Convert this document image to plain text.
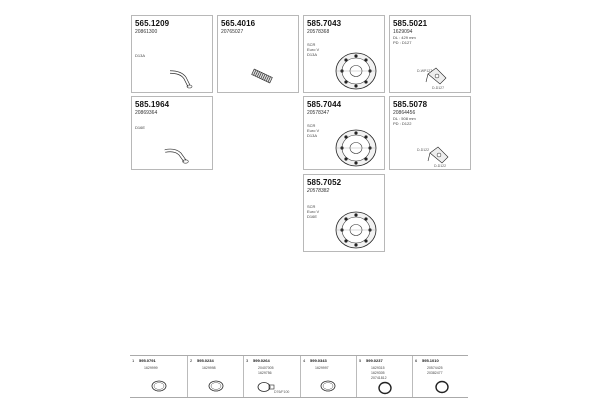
565.1209
20861300
D13A
565.4016
20765027
585.7043
20578368
SCR
Euro V
D13A
585.5021
1629094
DL : 429 mm
PD : D127
D-WP127
D-D127
585.1964
20869364
D16E
585.7044
20578347
SCR
Euro V
D13A
585.5078
20864456
DL : 508 mm
PD : D122
D-D122
D-D122
585.7052
20578382
SCR
Euro V
D16E
1 595.0791
1629999
2 595.0234
1629998
3 599.0264
20407005
1629756
D76/F100
4 599.0343
1629997
5 599.0237
1629315
1629305
20741812
6 595.1010
20574425
20382477
